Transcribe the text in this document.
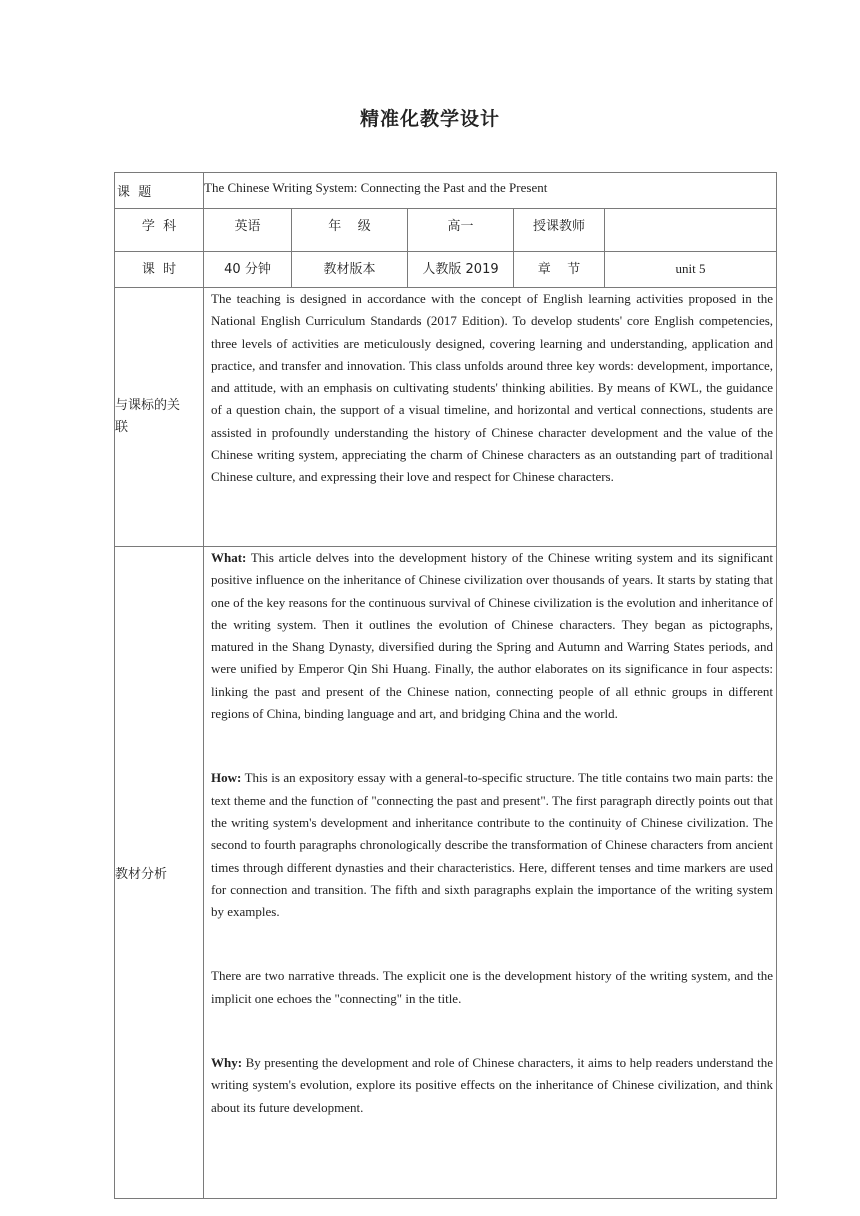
精准化教学设计
课  题	The Chinese Writing System: Connecting the Past and the Present				
学  科	英语	年    级	高一	授课教师	
课  时	40 分钟	教材版本	人教版 2019	章    节	unit 5

与课标的关联	The teaching is designed in accordance with the concept of English learning activities proposed in the National English Curriculum Standards (2017 Edition). To develop students' core English competencies, three levels of activities are meticulously designed, covering learning and understanding, application and practice, and transfer and innovation. This class unfolds around three key words: development, importance, and attitude, with an emphasis on cultivating students' thinking abilities. By means of KWL, the guidance of a question chain, the support of a visual timeline, and horizontal and vertical connections, students are assisted in profoundly understanding the history of Chinese character development and the value of the Chinese writing system, appreciating the charm of Chinese characters as an outstanding part of traditional Chinese culture, and expressing their love and respect for Chinese characters.				

教材分析	What: This article delves into the development history of the Chinese writing system and its significant positive influence on the inheritance of Chinese civilization over thousands of years. It starts by stating that one of the key reasons for the continuous survival of Chinese civilization is the evolution and inheritance of the writing system. Then it outlines the evolution of Chinese characters. They began as pictographs, matured in the Shang Dynasty, diversified during the Spring and Autumn and Warring States periods, and were unified by Emperor Qin Shi Huang. Finally, the author elaborates on its significance in four aspects: linking the past and present of the Chinese nation, connecting people of all ethnic groups in different regions of China, binding language and art, and bridging China and the world.
How: This is an expository essay with a general-to-specific structure. The title contains two main parts: the text theme and the function of "connecting the past and present". The first paragraph directly points out that the writing system's development and inheritance contribute to the continuity of Chinese civilization. The second to fourth paragraphs chronologically describe the transformation of Chinese characters from ancient times through different dynasties and their characteristics. Here, different tenses and time markers are used for connection and transition. The fifth and sixth paragraphs explain the importance of the writing system by examples.
There are two narrative threads. The explicit one is the development history of the writing system, and the implicit one echoes the "connecting" in the title.
Why: By presenting the development and role of Chinese characters, it aims to help readers understand the writing system's evolution, explore its positive effects on the inheritance of Chinese civilization, and think about its future development.				
